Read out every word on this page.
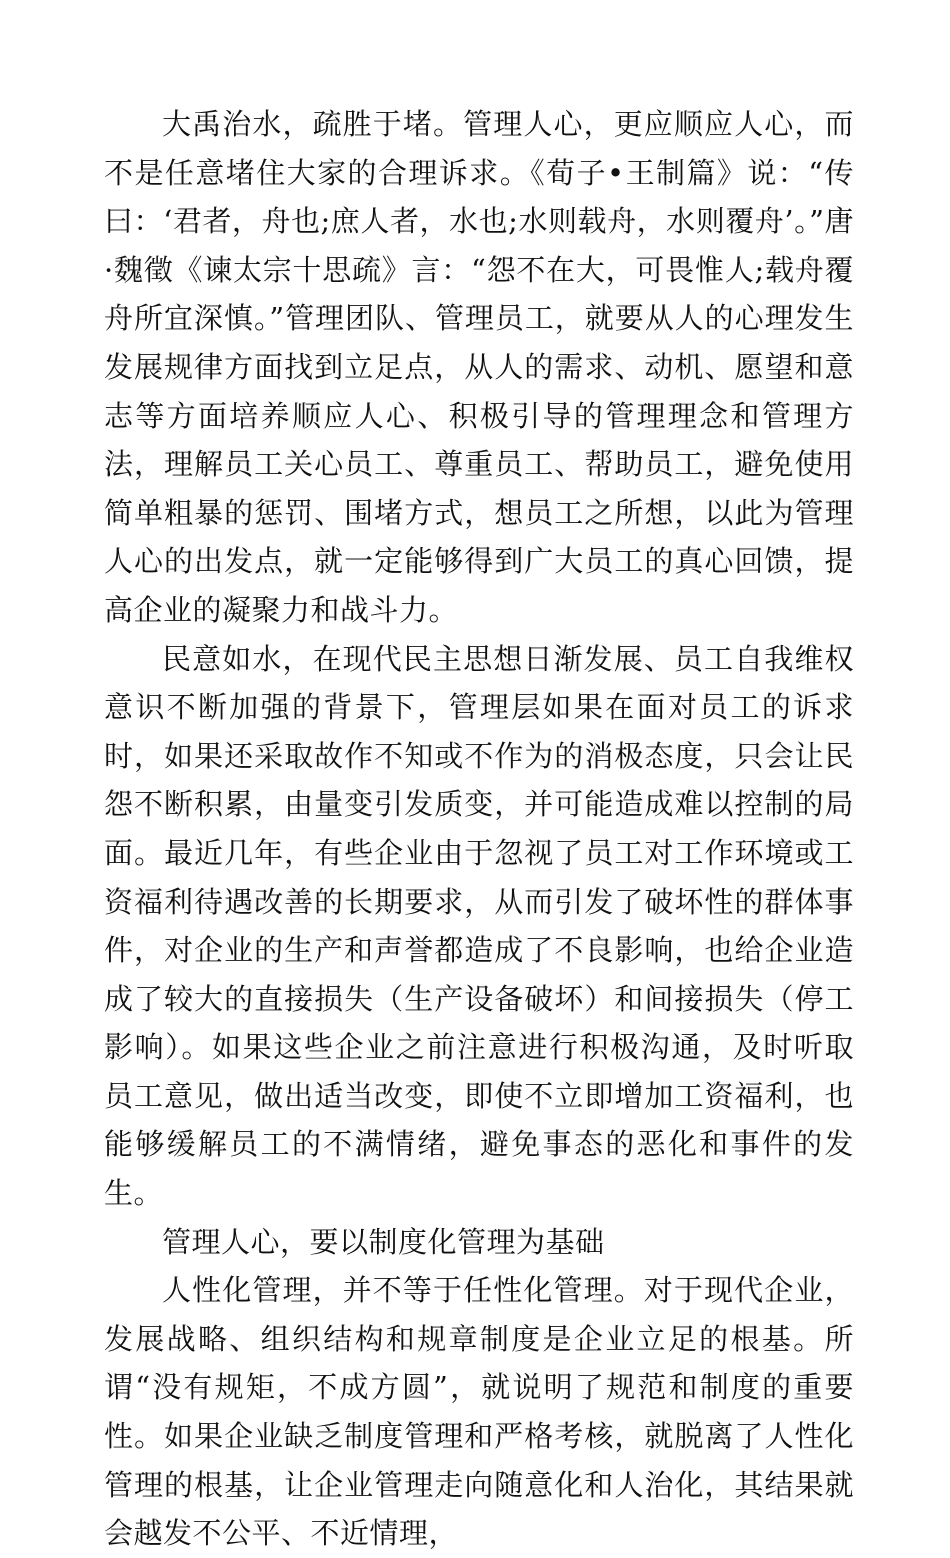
大禹治水，疏胜于堵。管理人心，更应顺应人心，而不是任意堵住大家的合理诉求。《荀子•王制篇》说：“传曰：‘君者，舟也;庶人者，水也;水则载舟，水则覆舟’。”唐·魏徵《谏太宗十思疏》言：“怨不在大，可畏惟人;载舟覆舟所宜深慎。”管理团队、管理员工，就要从人的心理发生发展规律方面找到立足点，从人的需求、动机、愿望和意志等方面培养顺应人心、积极引导的管理理念和管理方法，理解员工关心员工、尊重员工、帮助员工，避免使用简单粗暴的惩罚、围堵方式，想员工之所想，以此为管理人心的出发点，就一定能够得到广大员工的真心回馈，提高企业的凝聚力和战斗力。

民意如水，在现代民主思想日渐发展、员工自我维权意识不断加强的背景下，管理层如果在面对员工的诉求时，如果还采取故作不知或不作为的消极态度，只会让民怨不断积累，由量变引发质变，并可能造成难以控制的局面。最近几年，有些企业由于忽视了员工对工作环境或工资福利待遇改善的长期要求，从而引发了破坏性的群体事件，对企业的生产和声誉都造成了不良影响，也给企业造成了较大的直接损失（生产设备破坏）和间接损失（停工影响）。如果这些企业之前注意进行积极沟通，及时听取员工意见，做出适当改变，即使不立即增加工资福利，也能够缓解员工的不满情绪，避免事态的恶化和事件的发生。

管理人心，要以制度化管理为基础

人性化管理，并不等于任性化管理。对于现代企业，发展战略、组织结构和规章制度是企业立足的根基。所谓“没有规矩，不成方圆”，就说明了规范和制度的重要性。如果企业缺乏制度管理和严格考核，就脱离了人性化管理的根基，让企业管理走向随意化和人治化，其结果就会越发不公平、不近情理，
